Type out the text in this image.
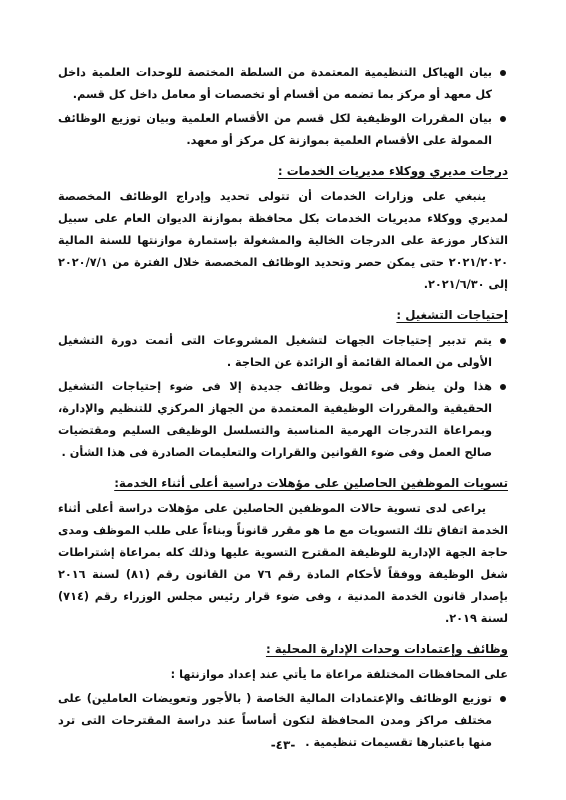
بيان الهياكل التنظيمية المعتمدة من السلطة المختصة للوحدات العلمية داخل كل معهد أو مركز بما تضمه من أقسام أو تخصصات أو معامل داخل كل قسم.
بيان المقررات الوظيفية لكل قسم من الأقسام العلمية وبيان توزيع الوظائف الممولة على الأقسام العلمية بموازنة كل مركز أو معهد.
درجات مديري ووكلاء مديريات الخدمات :
ينبغي على وزارات الخدمات أن تتولى تحديد وإدراج الوظائف المخصصة لمديري ووكلاء مديريات الخدمات بكل محافظة بموازنة الديوان العام على سبيل التذكار موزعة على الدرجات الخالية والمشغولة بإستمارة موازنتها للسنة المالية ٢٠٢١/٢٠٢٠ حتى يمكن حصر وتحديد الوظائف المخصصة خلال الفترة من ٢٠٢٠/٧/١ إلى ٢٠٢١/٦/٣٠.
إحتياجات التشغيل :
يتم تدبير إحتياجات الجهات لتشغيل المشروعات التى أتمت دورة التشغيل الأولى من العمالة القائمة أو الزائدة عن الحاجة .
هذا ولن ينظر فى تمويل وظائف جديدة إلا فى ضوء إحتياجات التشغيل الحقيقية والمقررات الوظيفية المعتمدة من الجهاز المركزي للتنظيم والإدارة، وبمراعاة التدرجات الهرمية المناسبة والتسلسل الوظيفى السليم ومقتضيات صالح العمل وفى ضوء القوانين والقرارات والتعليمات الصادرة فى هذا الشأن .
تسويات الموظفين الحاصلين على مؤهلات دراسية أعلى أثناء الخدمة:
يراعى لدى تسوية حالات الموظفين الحاصلين على مؤهلات دراسة أعلى أثناء الخدمة اتفاق تلك التسويات مع ما هو مقرر قانوناً وبناءاً على طلب الموظف ومدى حاجة الجهة الإدارية للوظيفة المقترح التسوية عليها وذلك كله بمراعاة إشتراطات شغل الوظيفة ووفقاً لأحكام المادة رقم ٧٦ من القانون رقم (٨١) لسنة ٢٠١٦ بإصدار قانون الخدمة المدنية ، وفى ضوء قرار رئيس مجلس الوزراء رقم (٧١٤) لسنة ٢٠١٩.
وظائف وإعتمادات وحدات الإدارة المحلية :
على المحافظات المختلفة مراعاة ما يأتي عند إعداد موازنتها :
توزيع الوظائف والإعتمادات المالية الخاصة ( بالأجور وتعويضات العاملين) على مختلف مراكز ومدن المحافظة لتكون أساساً عند دراسة المقترحات التى ترد منها باعتبارها تقسيمات تنظيمية .
-٤٣-
